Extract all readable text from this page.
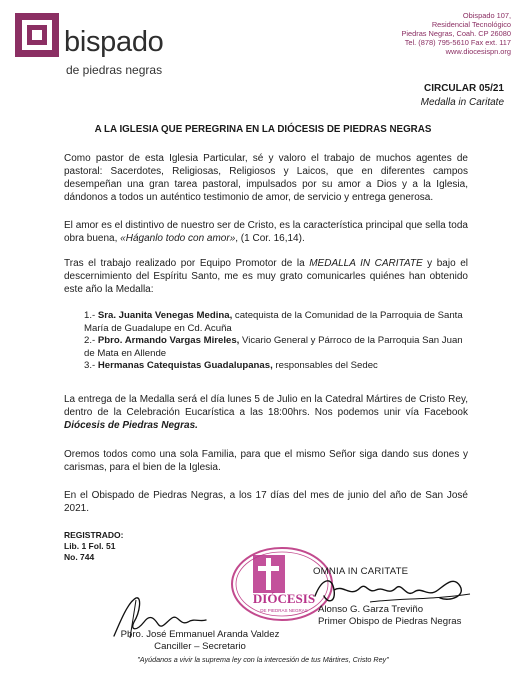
bispado
de piedras negras
Obispado 107,
Residencial Tecnológico
Piedras Negras, Coah. CP 26080
Tel. (878) 795-5610 Fax ext. 117
www.diocesispn.org
CIRCULAR 05/21
Medalla in Caritate
A LA IGLESIA QUE PEREGRINA EN LA DIÓCESIS DE PIEDRAS NEGRAS
Como pastor de esta Iglesia Particular, sé y valoro el trabajo de muchos agentes de pastoral: Sacerdotes, Religiosas, Religiosos y Laicos, que en diferentes campos desempeñan una gran tarea pastoral, impulsados por su amor a Dios y a la Iglesia, dándonos a todos un auténtico testimonio de amor, de servicio y entrega generosa.
El amor es el distintivo de nuestro ser de Cristo, es la característica principal que sella toda obra buena, «Háganlo todo con amor», (1 Cor. 16,14).
Tras el trabajo realizado por Equipo Promotor de la MEDALLA IN CARITATE y bajo el descernimiento del Espíritu Santo, me es muy grato comunicarles quiénes han obtenido este año la Medalla:
1.- Sra. Juanita Venegas Medina, catequista de la Comunidad de la Parroquia de Santa María de Guadalupe en Cd. Acuña
2.- Pbro. Armando Vargas Mireles, Vicario General y Párroco de la Parroquia San Juan de Mata en Allende
3.- Hermanas Catequistas Guadalupanas, responsables del Sedec
La entrega de la Medalla será el día lunes 5 de Julio en la Catedral Mártires de Cristo Rey, dentro de la Celebración Eucarística a las 18:00hrs. Nos podemos unir vía Facebook Diócesis de Piedras Negras.
Oremos todos como una sola Familia, para que el mismo Señor siga dando sus dones y carismas, para el bien de la Iglesia.
En el Obispado de Piedras Negras, a los 17 días del mes de junio del año de San José 2021.
REGISTRADO:
Lib. 1 Fol. 51
No. 744
DIÓCESIS
DE PIEDRAS NEGRAS
OMNIA IN CARITATE
Alonso G. Garza Treviño
Primer Obispo de Piedras Negras
Pbro. José Emmanuel Aranda Valdez
Canciller – Secretario
"Ayúdanos a vivir la suprema ley con la intercesión de tus Mártires, Cristo Rey"
